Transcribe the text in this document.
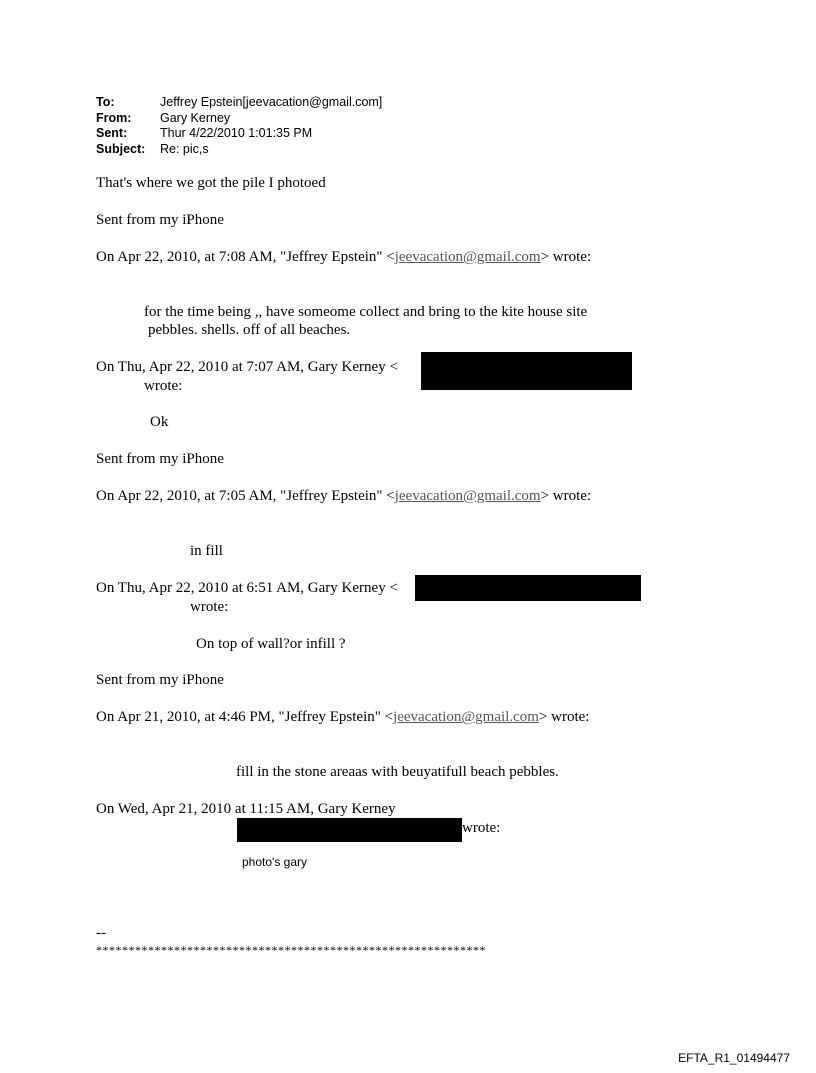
To:	Jeffrey Epstein[jeevacation@gmail.com]
From:	Gary Kerney
Sent:	Thur 4/22/2010 1:01:35 PM
Subject:	Re: pic,s
That's where we got the pile I photoed
Sent from my iPhone
On Apr 22, 2010, at 7:08 AM, "Jeffrey Epstein" <jeevacation@gmail.com> wrote:
for the time being ,, have someome collect and bring to the kite house site
pebbles. shells. off of all beaches.
On Thu, Apr 22, 2010 at 7:07 AM, Gary Kerney <
wrote:
Ok
Sent from my iPhone
On Apr 22, 2010, at 7:05 AM, "Jeffrey Epstein" <jeevacation@gmail.com> wrote:
in fill
On Thu, Apr 22, 2010 at 6:51 AM, Gary Kerney <
wrote:
On top of wall?or infill ?
Sent from my iPhone
On Apr 21, 2010, at 4:46 PM, "Jeffrey Epstein" <jeevacation@gmail.com> wrote:
fill in the stone areaas with beuyatifull beach pebbles.
On Wed, Apr 21, 2010 at 11:15 AM, Gary Kerney
wrote:
photo's gary
--
************************************************************
EFTA_R1_01494477
